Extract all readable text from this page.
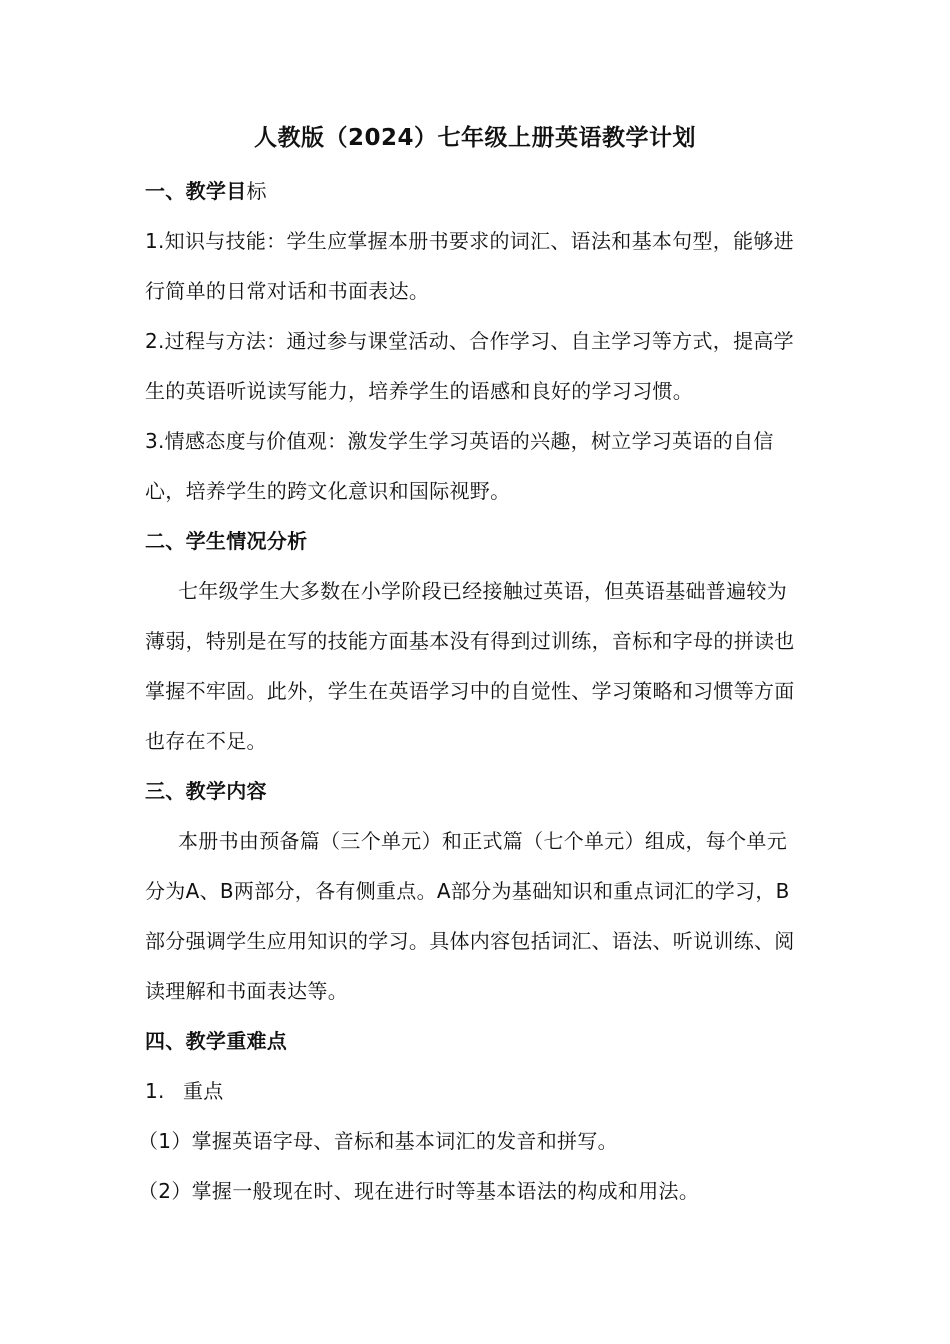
人教版（2024）七年级上册英语教学计划
一、教学目标

1.知识与技能：学生应掌握本册书要求的词汇、语法和基本句型，能够进行简单的日常对话和书面表达。

2.过程与方法：通过参与课堂活动、合作学习、自主学习等方式，提高学生的英语听说读写能力，培养学生的语感和良好的学习习惯。

3.情感态度与价值观：激发学生学习英语的兴趣，树立学习英语的自信心，培养学生的跨文化意识和国际视野。

二、学生情况分析

七年级学生大多数在小学阶段已经接触过英语，但英语基础普遍较为薄弱，特别是在写的技能方面基本没有得到过训练，音标和字母的拼读也掌握不牢固。此外，学生在英语学习中的自觉性、学习策略和习惯等方面也存在不足。

三、教学内容

本册书由预备篇（三个单元）和正式篇（七个单元）组成，每个单元分为A、B两部分，各有侧重点。A部分为基础知识和重点词汇的学习，B部分强调学生应用知识的学习。具体内容包括词汇、语法、听说训练、阅读理解和书面表达等。

四、教学重难点
1. 重点

（1）掌握英语字母、音标和基本词汇的发音和拼写。

（2）掌握一般现在时、现在进行时等基本语法的构成和用法。
